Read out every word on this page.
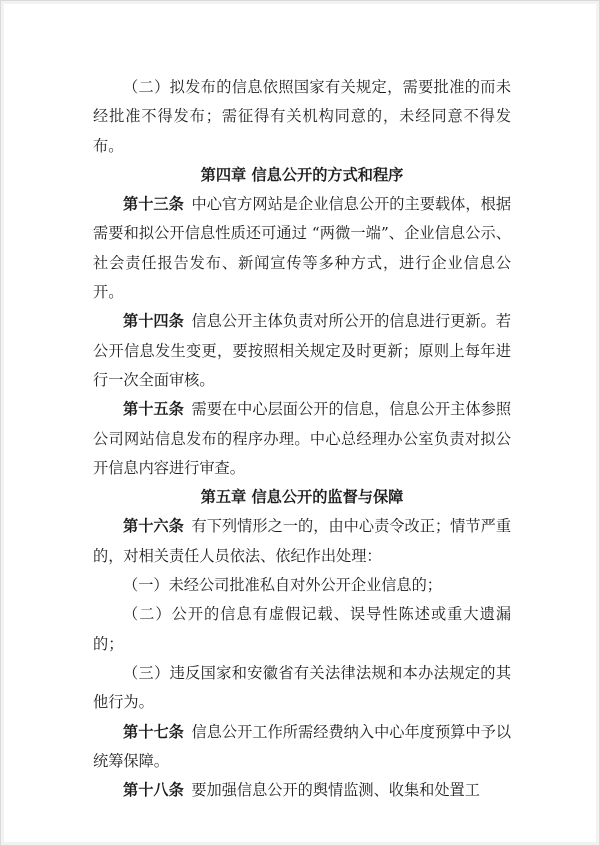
（二）拟发布的信息依照国家有关规定，需要批准的而未经批准不得发布；需征得有关机构同意的，未经同意不得发布。

第四章 信息公开的方式和程序

第十三条  中心官方网站是企业信息公开的主要载体，根据需要和拟公开信息性质还可通过 “两微一端”、企业信息公示、社会责任报告发布、新闻宣传等多种方式，进行企业信息公开。

第十四条  信息公开主体负责对所公开的信息进行更新。若公开信息发生变更，要按照相关规定及时更新；原则上每年进行一次全面审核。

第十五条  需要在中心层面公开的信息，信息公开主体参照公司网站信息发布的程序办理。中心总经理办公室负责对拟公开信息内容进行审查。

第五章 信息公开的监督与保障

第十六条  有下列情形之一的，由中心责令改正；情节严重的，对相关责任人员依法、依纪作出处理：

（一）未经公司批准私自对外公开企业信息的；

（二）公开的信息有虚假记载、误导性陈述或重大遗漏的；

（三）违反国家和安徽省有关法律法规和本办法规定的其他行为。

第十七条  信息公开工作所需经费纳入中心年度预算中予以统筹保障。

第十八条  要加强信息公开的舆情监测、收集和处置工
